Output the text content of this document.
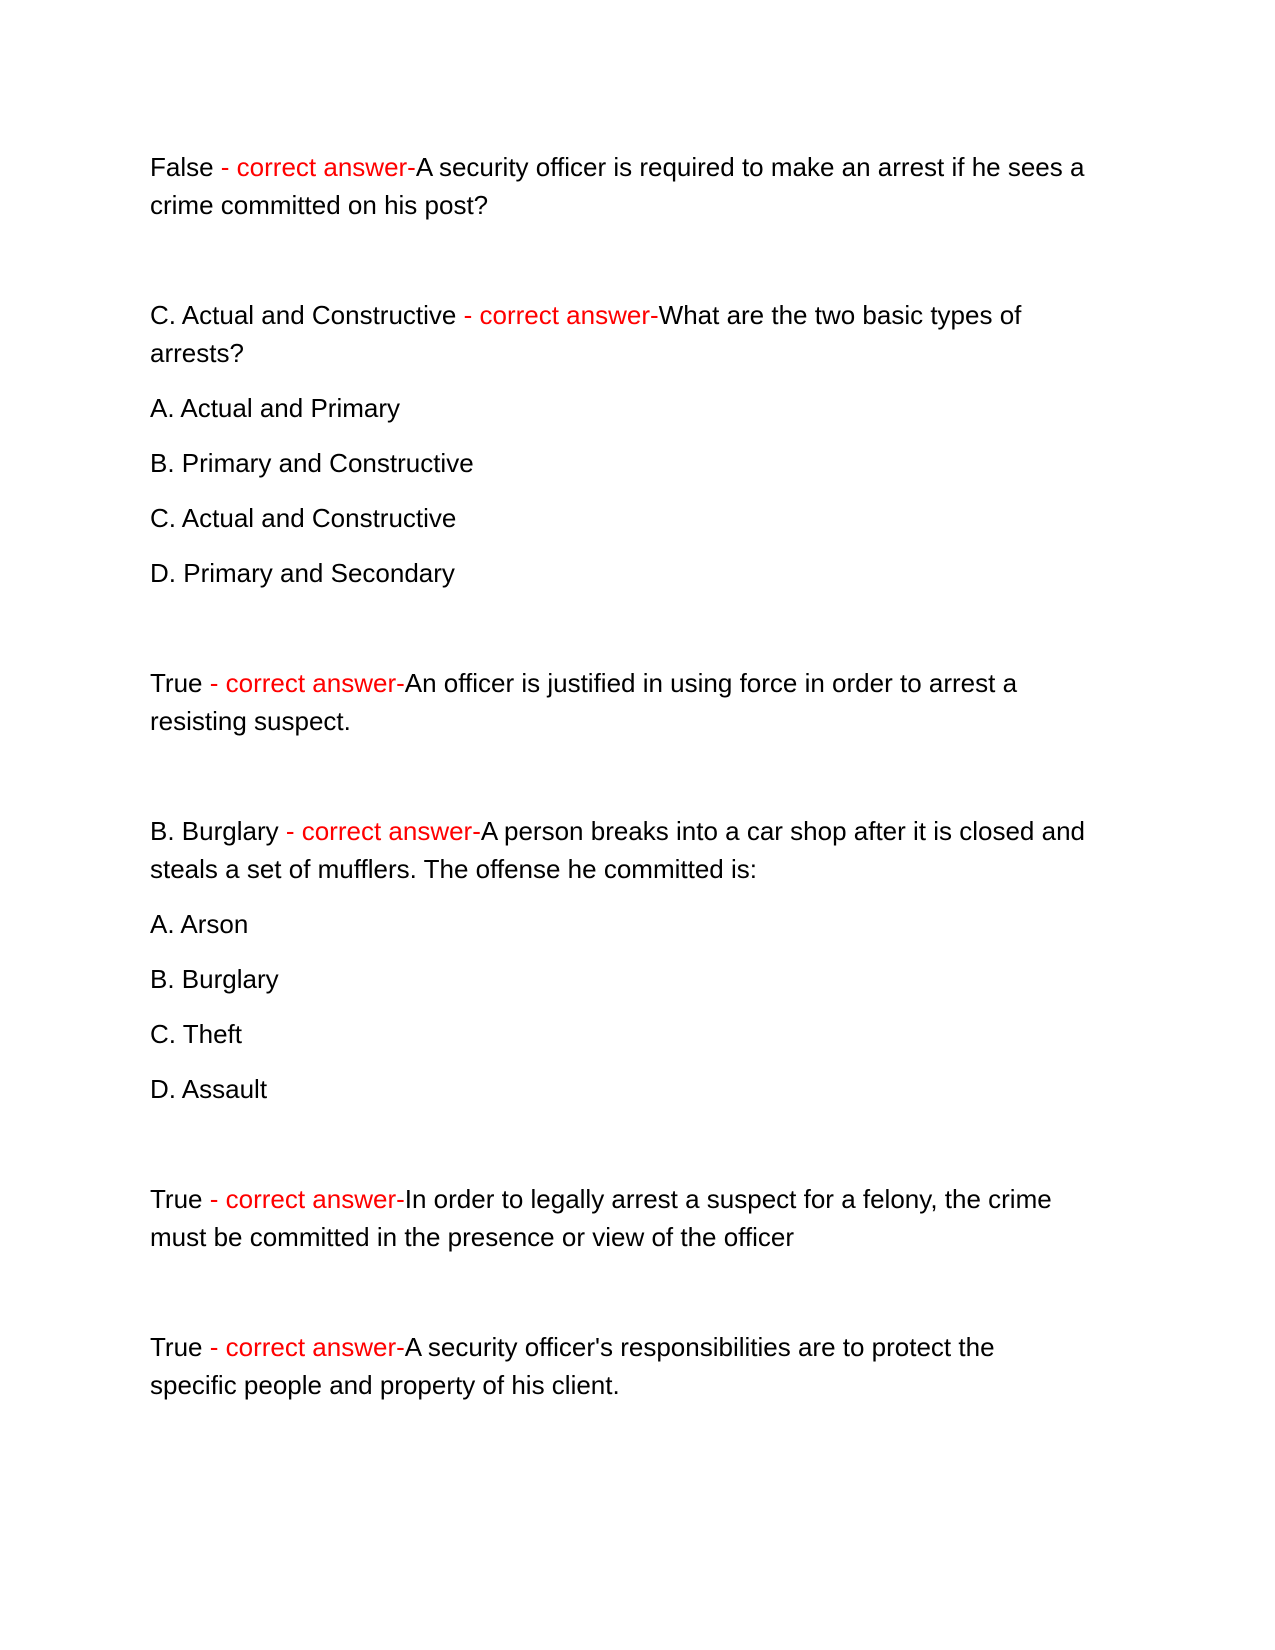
False - correct answer-A security officer is required to make an arrest if he sees a
crime committed on his post?

C. Actual and Constructive - correct answer-What are the two basic types of
arrests?

A. Actual and Primary
B. Primary and Constructive
C. Actual and Constructive
D. Primary and Secondary

True - correct answer-An officer is justified in using force in order to arrest a
resisting suspect.

B. Burglary - correct answer-A person breaks into a car shop after it is closed and
steals a set of mufflers. The offense he committed is:

A. Arson
B. Burglary
C. Theft
D. Assault

True - correct answer-In order to legally arrest a suspect for a felony, the crime
must be committed in the presence or view of the officer

True - correct answer-A security officer's responsibilities are to protect the
specific people and property of his client.
